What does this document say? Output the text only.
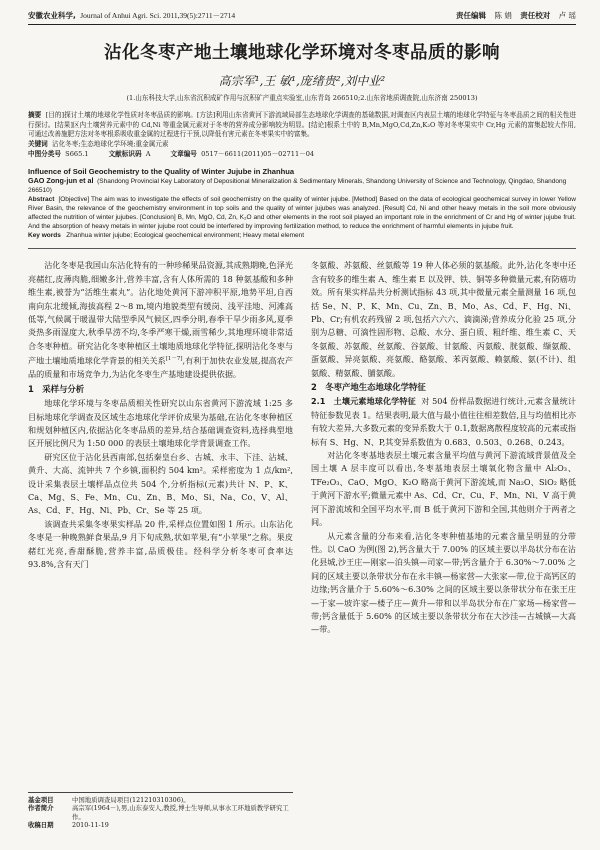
安徽农业科学, Journal of Anhui Agri. Sci. 2011,39(5):2711－2714	责任编辑 陈 娟 责任校对 卢 瑶
沾化冬枣产地土壤地球化学环境对冬枣品质的影响
高宗军¹,王 敏¹,庞绪贵²,刘中业²
(1.山东科技大学,山东省沉积成矿作用与沉积矿产重点实验室,山东青岛 266510;2.山东省地质调查院,山东济南 250013)
摘要 [目的]探讨土壤的地球化学性质对冬枣品质的影响。[方法]利用山东省黄河下游流域局部生态地球化学调查的基础数据,对调查区内表层土壤的地球化学特征与冬枣品质之间的相关性进行探讨。[结果]区内土壤营养元素中的 Cd,Ni 等重金属元素对于冬枣的营养成分影响较为明显。[结论]根系土中的 B,Mn,MgO,Cd,Zn,K₂O 等对冬枣果实中 Cr,Hg 元素的富集起较大作用,可通过改善施肥方法对冬枣根系吸收重金属的过程进行干预,以降低有害元素在冬枣果实中的富集。
关键词 沾化冬枣;生态地球化学环境;重金属元素
中图分类号 S665.1	文献标识码 A	文章编号 0517－6611(2011)05－02711－04
Influence of Soil Geochemistry to the Quality of Winter Jujube in Zhanhua
GAO Zong-jun et al (Shandong Provincial Key Laboratory of Depositional Mineralization & Sedimentary Minerals, Shandong University of Science and Technology, Qingdao, Shandong 266510)
Abstract [Objective] The aim was to investigate the effects of soil geochemistry on the quality of winter jujube. [Method] Based on the data of ecological geochemical survey in lower Yellow River Basin, the relevance of the geochemistry environment in top soils and the quality of winter jujubes was analyzed. [Result] Cd, Ni and other heavy metals in the soil more obviously affected the nutrition of winter jujubes. [Conclusion] B, Mn, MgO, Cd, Zn, K₂O and other elements in the root soil played an important role in the enrichment of Cr and Hg of winter jujube fruit. And the absorption of heavy metals in winter jujube root could be interfered by improving fertilization method, to reduce the enrichment of harmful elements in jujube fruit.
Key words Zhanhua winter jujube; Ecological geochemical environment; Heavy metal element

沾化冬枣是我国山东沾化特有的一种珍稀果品资源,其成熟期晚,色泽光亮赭红,皮薄肉脆,细嫩多汁,营养丰富,含有人体所需的 18 种氨基酸和多种维生素,被誉为“活维生素丸”。沾化地处黄河下游冲积平原,地势平坦,自西南向东北缓倾,海拔高程 2～8 m,境内地貌类型有缓岗、浅平洼地、河滩高低等,气候属于暖温带大陆型季风气候区,四季分明,春季干旱少雨多风,夏季炎热多雨湿度大,秋季旱涝不均,冬季严寒干燥,雨雪稀少,其地理环境非常适合冬枣种植。研究沾化冬枣种植区土壤地质地球化学特征,探明沾化冬枣与产地土壤地质地球化学背景的相关关系[1－7],有利于加快农业发展,提高农产品的质量和市场竞争力,为沾化冬枣生产基地建设提供依据。

1　采样与分析

地球化学环境与冬枣品质相关性研究以山东省黄河下游流域 1:25 多目标地球化学调查及区域生态地球化学评价成果为基础,在沾化冬枣种植区和规划种植区内,依据沾化冬枣品质的差异,结合基础调查资料,选择典型地区开展比例尺为 1:50 000 的表层土壤地球化学背景调查工作。

研究区位于沾化县西南部,包括秦皇台乡、古城、永丰、下洼、沾城、黄升、大高、流钟共 7 个乡镇,面积约 504 km²。采样密度为 1 点/km²,设计采集表层土壤样品点位共 504 个,分析指标(元素)共计 N、P、K、Ca、Mg、S、Fe、Mn、Cu、Zn、B、Mo、Si、Na、Co、V、Al、As、Cd、F、Hg、Ni、Pb、Cr、Se 等 25 项。

该调查共采集冬枣果实样品 20 件,采样点位置如图 1 所示。山东沾化冬枣是一种晚熟鲜食果品,9 月下旬成熟,状如苹果,有“小苹果”之称。果皮赭红光亮,香甜酥脆,营养丰富,品质极佳。经科学分析冬枣可食率达 93.8%,含有天门

冬氨酸、苏氨酸、丝氨酸等 19 种人体必须的氨基酸。此外,沾化冬枣中还含有较多的维生素 A、维生素 E 以及钾、铁、铜等多种微量元素,有防癌功效。所有果实样品共分析测试指标 43 项,其中微量元素全量测量 16 项,包括 Se、N、P、K、Mn、Cu、Zn、B、Mo、As、Cd、F、Hg、Ni、Pb、Cr;有机农药残留 2 项,包括六六六、滴滴涕;营养成分化验 25 项,分别为总糖、可滴性固形物、总酸、水分、蛋白质、粗纤维、维生素 C、天冬氨酸、苏氨酸、丝氨酸、谷氨酸、甘氨酸、丙氨酸、胱氨酸、缬氨酸、蛋氨酸、异亮氨酸、亮氨酸、酪氨酸、苯丙氨酸、赖氨酸、氨(不计)、组氨酸、精氨酸、脯氨酸。

2　冬枣产地生态地球化学特征

2.1　土壤元素地球化学特征 对 504 份样品数据进行统计,元素含量统计特征参数见表 1。结果表明,最大值与最小值往往相差数倍,且与均值相比亦有较大差异,大多数元素的变异系数大于 0.1,数据离散程度较高的元素或指标有 S、Hg、N、P,其变异系数值为 0.683、0.503、0.268、0.243。

对沾化冬枣基地表层土壤元素含量平均值与黄河下游流域背景值及全国土壤 A 层丰度可以看出,冬枣基地表层土壤氧化物含量中 Al₂O₃、TFe₂O₃、CaO、MgO、K₂O 略高于黄河下游流域,而 Na₂O、SiO₂ 略低于黄河下游水平;微量元素中 As、Cd、Cr、Cu、F、Mn、Ni、V 高于黄河下游流域和全国平均水平,而 B 低于黄河下游和全国,其他则介于两者之间。

从元素含量的分布来看,沾化冬枣种植基地的元素含量呈明显的分带性。以 CaO 为例(图 2),钙含量大于 7.00% 的区域主要以半岛状分布在沾化县城,沙王庄—刚家—泊头镇—司家—带;钙含量介于 6.30%～7.00% 之间的区域主要以条带状分布在永丰镇—杨家营—大张家—带,位于高钙区的边缘;钙含量介于 5.60%～6.30% 之间的区域主要以条带状分布在张王庄—于家—坡许家—楼子庄—黄升—带和以半岛状分布在广家场—杨家营—带;钙含量低于 5.60% 的区域主要以条带状分布在大沙洼—古城镇—大高—带。

基金项目	中国地质调查局项目(121210310306)。
作者简介	高宗军(1964－),男,山东泰安人,教授,博士生导师,从事水工环地质教学研究工作。
收稿日期	2010-11-19
